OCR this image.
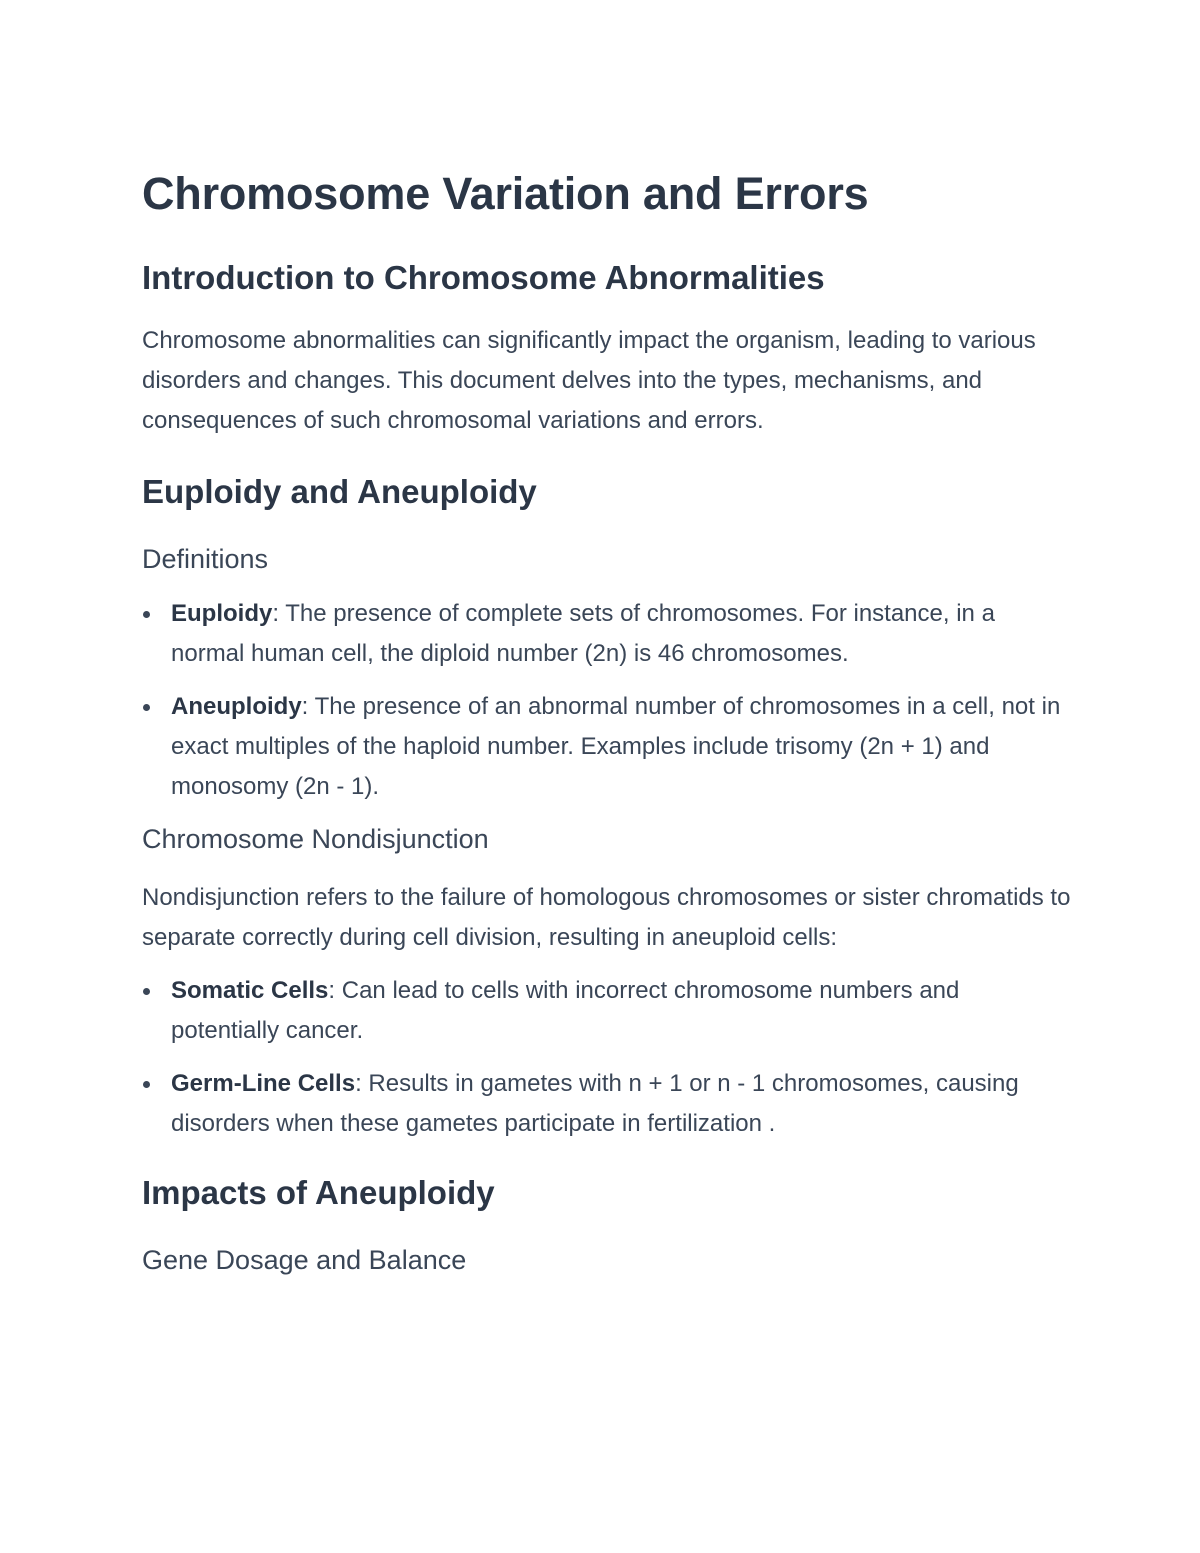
Chromosome Variation and Errors
Introduction to Chromosome Abnormalities

Chromosome abnormalities can significantly impact the organism, leading to various disorders and changes. This document delves into the types, mechanisms, and consequences of such chromosomal variations and errors.

Euploidy and Aneuploidy
Definitions
Euploidy: The presence of complete sets of chromosomes. For instance, in a normal human cell, the diploid number (2n) is 46 chromosomes.
Aneuploidy: The presence of an abnormal number of chromosomes in a cell, not in exact multiples of the haploid number. Examples include trisomy (2n + 1) and monosomy (2n - 1).
Chromosome Nondisjunction

Nondisjunction refers to the failure of homologous chromosomes or sister chromatids to separate correctly during cell division, resulting in aneuploid cells:

Somatic Cells: Can lead to cells with incorrect chromosome numbers and potentially cancer.
Germ-Line Cells: Results in gametes with n + 1 or n - 1 chromosomes, causing disorders when these gametes participate in fertilization .
Impacts of Aneuploidy
Gene Dosage and Balance
